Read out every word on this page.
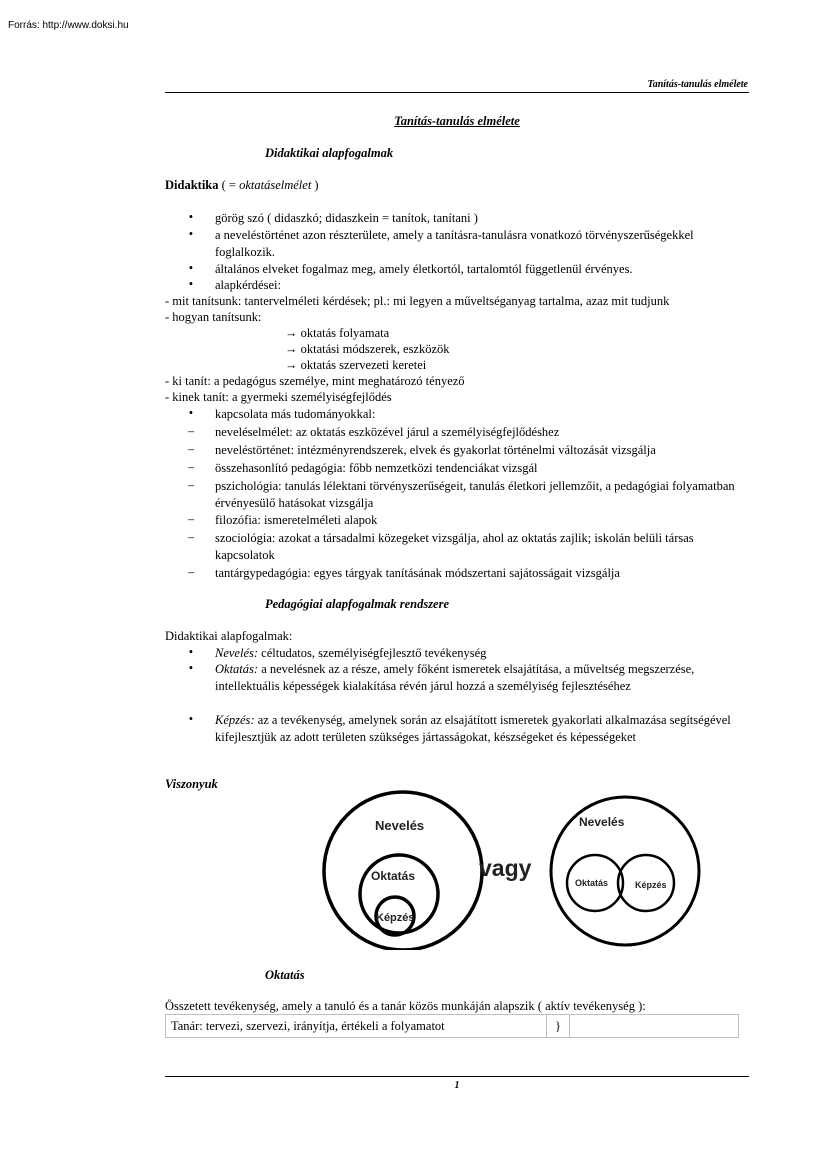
Forrás: http://www.doksi.hu
Tanítás-tanulás elmélete
Tanítás-tanulás elmélete
Didaktikai alapfogalmak
Didaktika ( = oktatáselmélet )
•	görög szó ( didaszkó; didaszkein = tanítok, tanítani )
•	a neveléstörténet azon részterülete, amely a tanításra-tanulásra vonatkozó törvényszerűségekkel foglalkozik.
•	általános elveket fogalmaz meg, amely életkortól, tartalomtól függetlenül érvényes.
•	alapkérdései:
- mit tanítsunk: tantervelméleti kérdések; pl.: mi legyen a műveltséganyag tartalma, azaz mit tudjunk
- hogyan tanítsunk:
→ oktatás folyamata
→ oktatási módszerek, eszközök
→ oktatás szervezeti keretei
- ki tanít: a pedagógus személye, mint meghatározó tényező
- kinek tanít: a gyermeki személyiségfejlődés
•	kapcsolata más tudományokkal:
–	neveléselmélet: az oktatás eszközével járul a személyiségfejlődéshez
–	neveléstörténet: intézményrendszerek, elvek és gyakorlat történelmi változását vizsgálja
–	összehasonlító pedagógia: főbb nemzetközi tendenciákat vizsgál
–	pszichológia: tanulás lélektani törvényszerűségeit, tanulás életkori jellemzőit, a pedagógiai folyamatban érvényesülő hatásokat vizsgálja
–	filozófia: ismeretelméleti alapok
–	szociológia: azokat a társadalmi közegeket vizsgálja, ahol az oktatás zajlik; iskolán belüli társas kapcsolatok
–	tantárgypedagógia: egyes tárgyak tanításának módszertani sajátosságait vizsgálja
Pedagógiai alapfogalmak rendszere
Didaktikai alapfogalmak:
•	Nevelés: céltudatos, személyiségfejlesztő tevékenység
•	Oktatás: a nevelésnek az a része, amely főként ismeretek elsajátítása, a műveltség megszerzése, intellektuális képességek kialakítása révén járul hozzá a személyiség fejlesztéséhez
•	Képzés: az a tevékenység, amelynek során az elsajátított ismeretek gyakorlati alkalmazása segítségével kifejlesztjük az adott területen szükséges jártasságokat, készségeket és képességeket
Viszonyuk
Nevelés
Oktatás
Képzés
vagy
Nevelés
Oktatás	Képzés
Oktatás
Összetett tevékenység, amely a tanuló és a tanár közös munkáján alapszik ( aktív tevékenység ):
Tanár: tervezi, szervezi, irányítja, értékeli a folyamatot	}	
1
